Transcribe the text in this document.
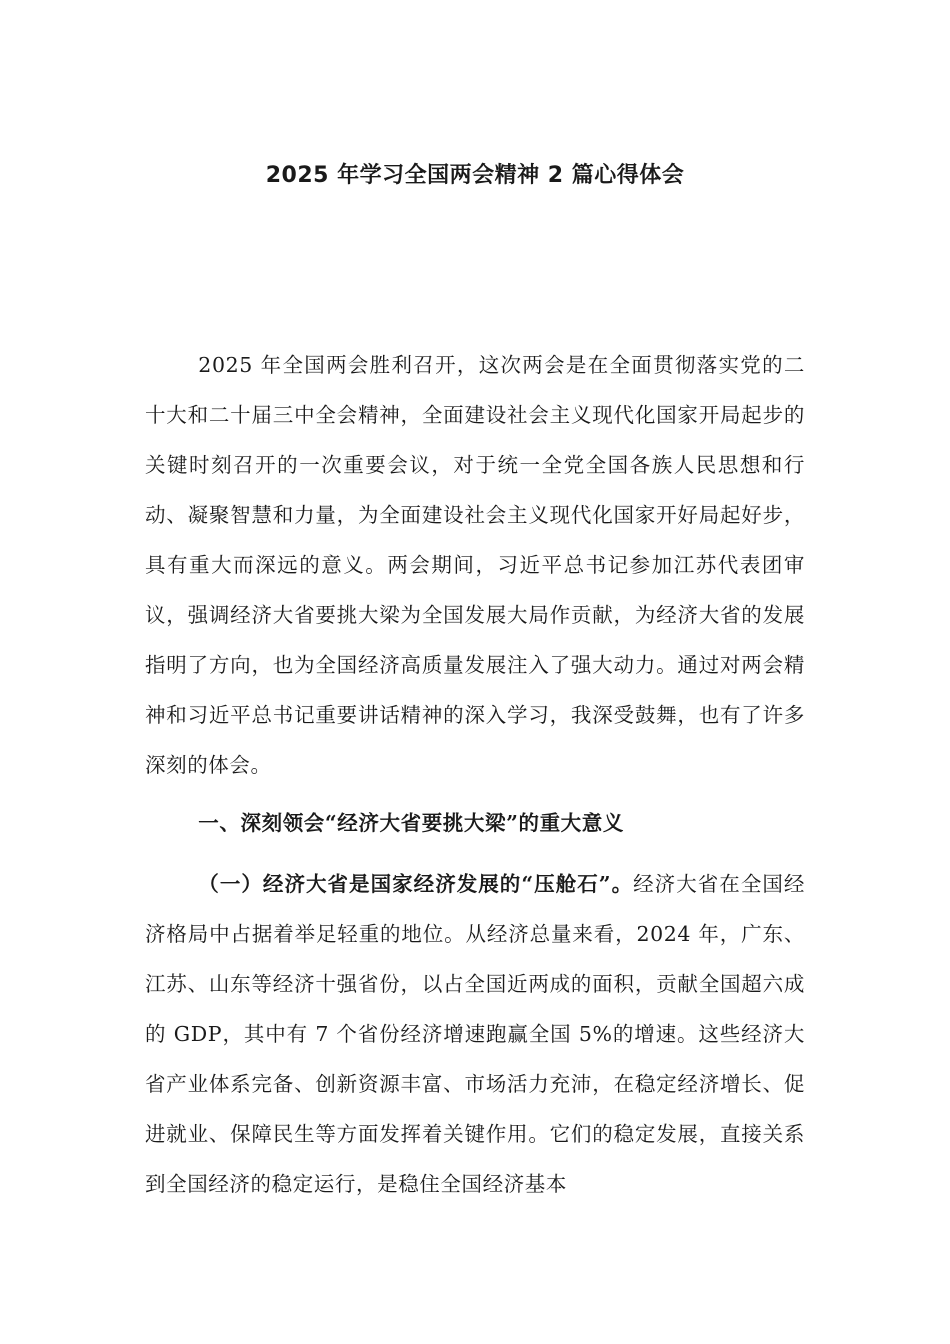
2025 年学习全国两会精神 2 篇心得体会

2025 年全国两会胜利召开，这次两会是在全面贯彻落实党的二十大和二十届三中全会精神，全面建设社会主义现代化国家开局起步的关键时刻召开的一次重要会议，对于统一全党全国各族人民思想和行动、凝聚智慧和力量，为全面建设社会主义现代化国家开好局起好步，具有重大而深远的意义。两会期间，习近平总书记参加江苏代表团审议，强调经济大省要挑大梁为全国发展大局作贡献，为经济大省的发展指明了方向，也为全国经济高质量发展注入了强大动力。通过对两会精神和习近平总书记重要讲话精神的深入学习，我深受鼓舞，也有了许多深刻的体会。

一、深刻领会“经济大省要挑大梁”的重大意义

（一）经济大省是国家经济发展的“压舱石”。经济大省在全国经济格局中占据着举足轻重的地位。从经济总量来看，2024 年，广东、江苏、山东等经济十强省份，以占全国近两成的面积，贡献全国超六成的 GDP，其中有 7 个省份经济增速跑赢全国 5%的增速。这些经济大省产业体系完备、创新资源丰富、市场活力充沛，在稳定经济增长、促进就业、保障民生等方面发挥着关键作用。它们的稳定发展，直接关系到全国经济的稳定运行，是稳住全国经济基本
